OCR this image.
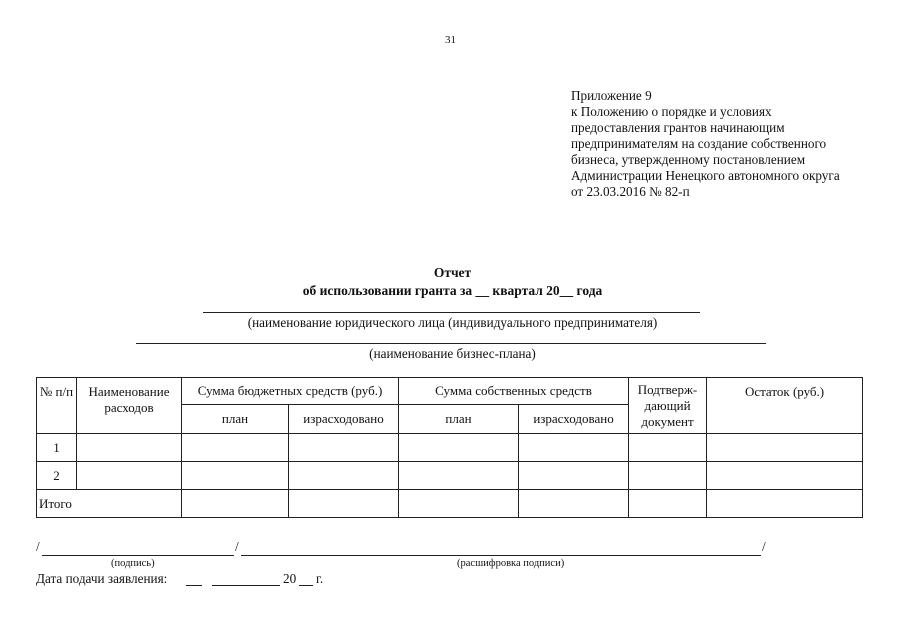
31
Приложение 9
к Положению о порядке и условиях
предоставления грантов начинающим
предпринимателям на создание собственного
бизнеса, утвержденному постановлением
Администрации Ненецкого автономного округа
от 23.03.2016 № 82-п
Отчет
об использовании гранта за __ квартал 20__ года
(наименование юридического лица (индивидуального предпринимателя)
(наименование бизнес-плана)
№ п/п	Наименование расходов	Сумма бюджетных средств (руб.)		Сумма собственных средств		Подтверж-дающий документ	Остаток (руб.)
		план	израсходовано	план	израсходовано		
1							
2							
Итого							
/	/	/
(подпись)	(расшифровка подписи)
Дата подачи заявления:	20 г.
